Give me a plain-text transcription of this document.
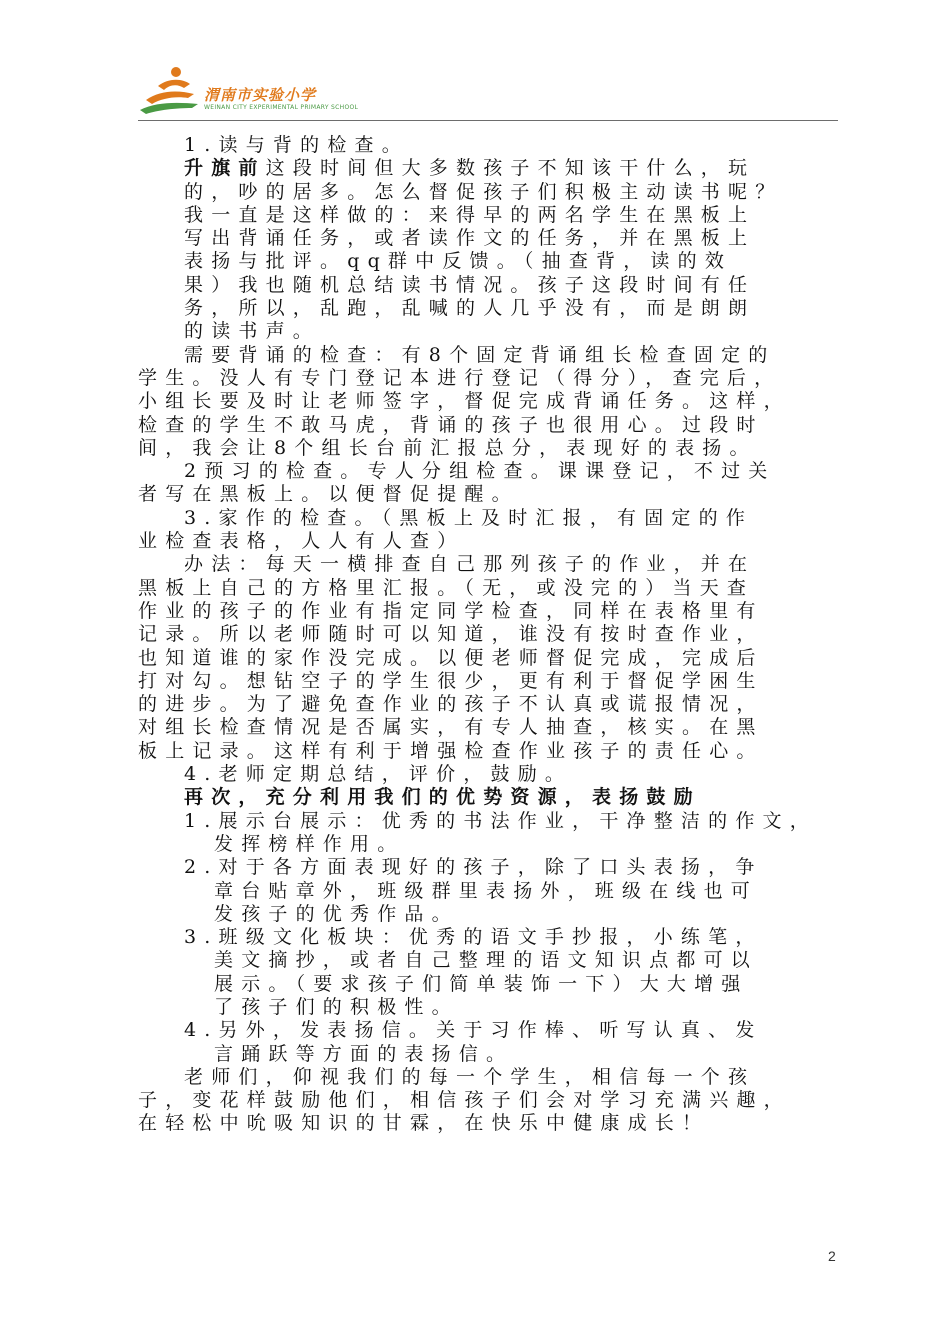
渭南市实验小学
WEINAN CITY EXPERIMENTAL PRIMARY SCHOOL
1.读与背的检查。
升旗前这段时间但大多数孩子不知该干什么，玩
的，吵的居多。怎么督促孩子们积极主动读书呢？
我一直是这样做的：来得早的两名学生在黑板上
写出背诵任务，或者读作文的任务，并在黑板上
表扬与批评。qq群中反馈。（抽查背，读的效
果）我也随机总结读书情况。孩子这段时间有任
务，所以，乱跑，乱喊的人几乎没有，而是朗朗
的读书声。
需要背诵的检查：有8个固定背诵组长检查固定的
学生。没人有专门登记本进行登记（得分），查完后，
小组长要及时让老师签字，督促完成背诵任务。这样，
检查的学生不敢马虎，背诵的孩子也很用心。过段时
间，我会让8个组长台前汇报总分，表现好的表扬。
2预习的检查。专人分组检查。课课登记，不过关
者写在黑板上。以便督促提醒。
3.家作的检查。（黑板上及时汇报，有固定的作
业检查表格，人人有人查）
办法：每天一横排查自己那列孩子的作业，并在
黑板上自己的方格里汇报。（无，或没完的）当天查
作业的孩子的作业有指定同学检查，同样在表格里有
记录。所以老师随时可以知道，谁没有按时查作业，
也知道谁的家作没完成。以便老师督促完成，完成后
打对勾。想钻空子的学生很少，更有利于督促学困生
的进步。为了避免查作业的孩子不认真或谎报情况，
对组长检查情况是否属实，有专人抽查，核实。在黑
板上记录。这样有利于增强检查作业孩子的责任心。
4.老师定期总结，评价，鼓励。
再次，充分利用我们的优势资源，表扬鼓励
1.展示台展示：优秀的书法作业，干净整洁的作文，
发挥榜样作用。
2.对于各方面表现好的孩子，除了口头表扬，争
章台贴章外，班级群里表扬外，班级在线也可
发孩子的优秀作品。
3.班级文化板块：优秀的语文手抄报，小练笔，
美文摘抄，或者自己整理的语文知识点都可以
展示。（要求孩子们简单装饰一下）大大增强
了孩子们的积极性。
4.另外，发表扬信。关于习作棒、听写认真、发
言踊跃等方面的表扬信。
老师们，仰视我们的每一个学生，相信每一个孩
子，变花样鼓励他们，相信孩子们会对学习充满兴趣，
在轻松中吮吸知识的甘霖，在快乐中健康成长！
2
